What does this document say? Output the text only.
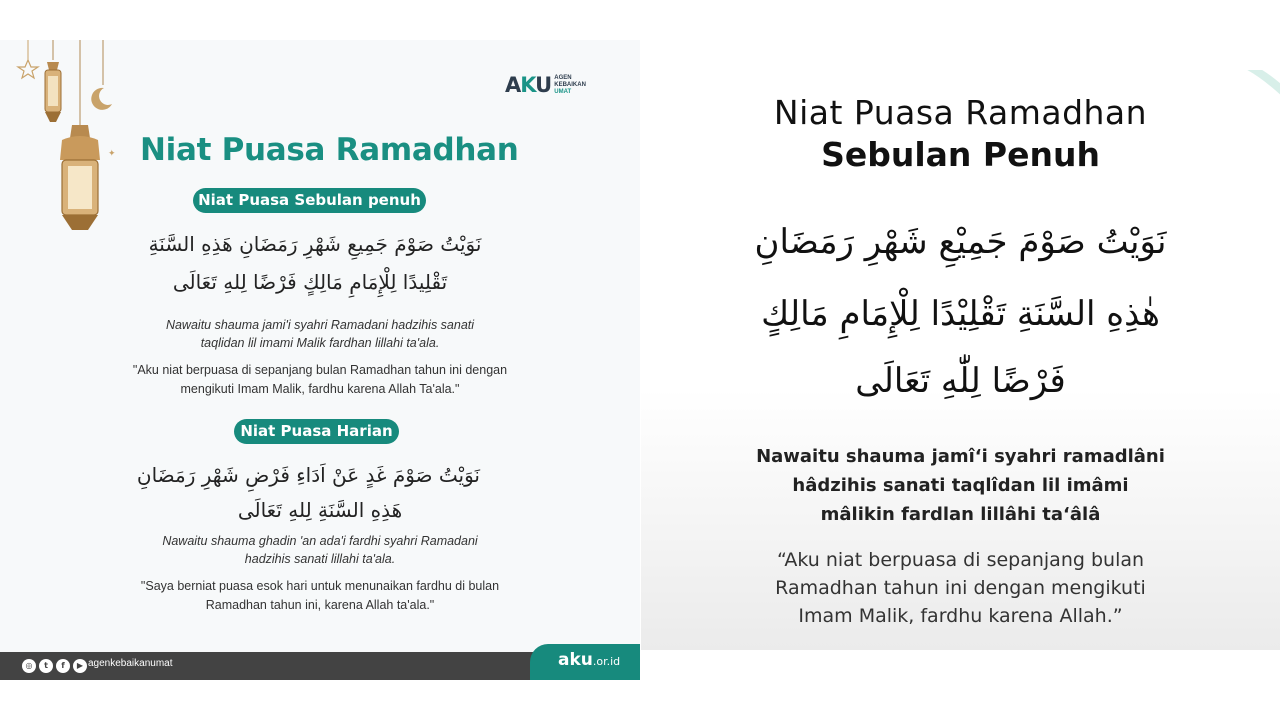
✦
AKU AGEN
KEBAIKAN
UMAT
Niat Puasa Ramadhan
Niat Puasa Sebulan penuh
نَوَيْتُ صَوْمَ جَمِيعِ شَهْرِ رَمَضَانِ هَذِهِ السَّنَةِ
تَقْلِيدًا لِلْإِمَامِ مَالِكٍ فَرْضًا لِلهِ تَعَالَى
Nawaitu shauma jami'i syahri Ramadani hadzihis sanati
taqlidan lil imami Malik fardhan lillahi ta'ala.
"Aku niat berpuasa di sepanjang bulan Ramadhan tahun ini dengan
mengikuti Imam Malik, fardhu karena Allah Ta'ala."
Niat Puasa Harian
نَوَيْتُ صَوْمَ غَدٍ عَنْ اَدَاءِ فَرْضِ شَهْرِ رَمَضَانِ
هَذِهِ السَّنَةِ لِلهِ تَعَالَى
Nawaitu shauma ghadin 'an ada'i fardhi syahri Ramadani
hadzihis sanati lillahi ta'ala.
"Saya berniat puasa esok hari untuk menunaikan fardhu di bulan
Ramadhan tahun ini, karena Allah ta'ala."
◎	t	f	▶ agenkebaikanumat	aku.or.id
Niat Puasa Ramadhan
Sebulan Penuh
نَوَيْتُ صَوْمَ جَمِيْعِ شَهْرِ رَمَضَانِ
هٰذِهِ السَّنَةِ تَقْلِيْدًا لِلْإِمَامِ مَالِكٍ
فَرْضًا لِلّٰهِ تَعَالَى
Nawaitu shauma jamî‘i syahri ramadlâni
hâdzihis sanati taqlîdan lil imâmi
mâlikin fardlan lillâhi ta‘âlâ
“Aku niat berpuasa di sepanjang bulan
Ramadhan tahun ini dengan mengikuti
Imam Malik, fardhu karena Allah.”
